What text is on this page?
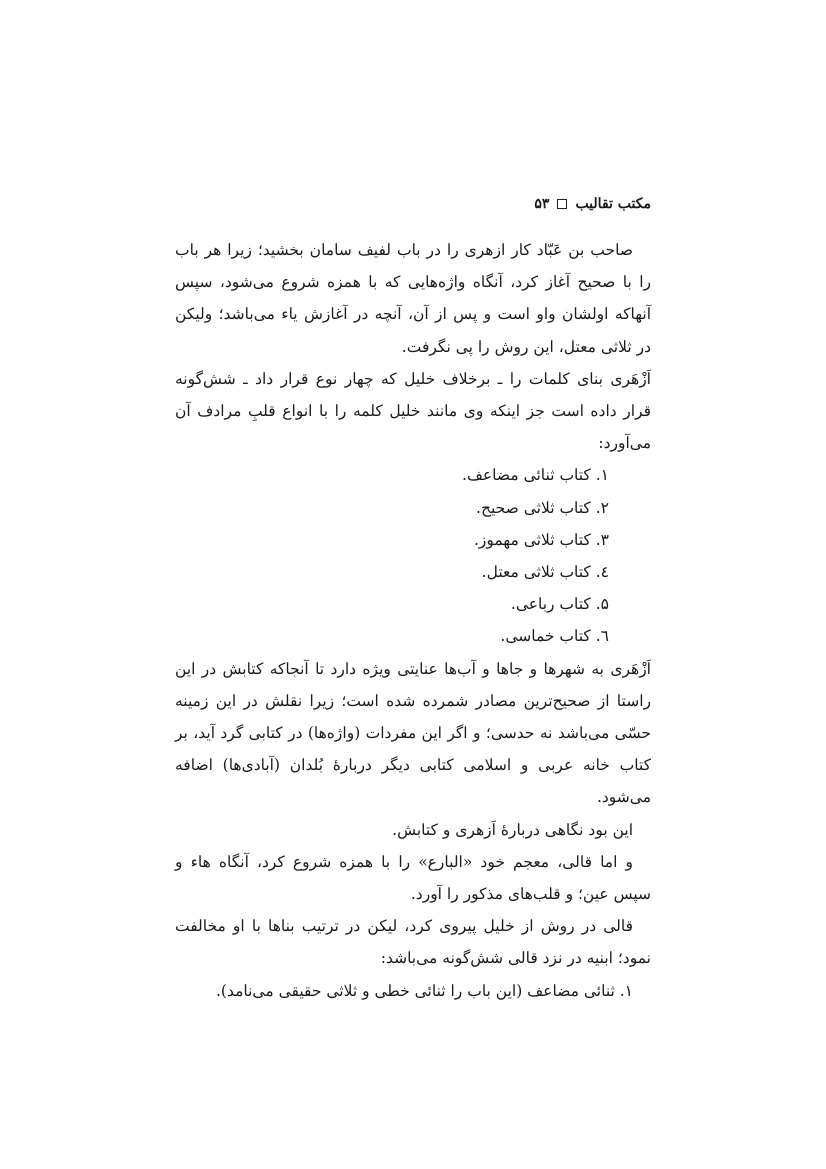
مکتب تقالیب
۵۳

صاحب بن عَبّاد کار ازهری را در باب لفیف سامان بخشید؛ زیرا هر باب را با صحیح آغاز کرد، آنگاه واژه‌هایی که با همزه شروع می‌شود، سپس آنهاکه اولشان واو است و پس از آن، آنچه در آغازش یاء می‌باشد؛ ولیکن در ثلاثی معتل، این روش را پی نگرفت.

اَزْهَری بنای کلمات را ـ برخلاف خلیل که چهار نوع قرار داد ـ شش‌گونه قرار داده است جز اینکه وی مانند خلیل کلمه را با انواع قلبِ مرادف آن می‌آورد:

۱. کتاب ثنائی مضاعف.
۲. کتاب ثلاثی صحیح.
۳. کتاب ثلاثی مهموز.
٤. کتاب ثلاثی معتل.
۵. کتاب رباعی.
٦. کتاب خماسی.

اَزْهَری به شهرها و جاها و آب‌ها عنایتی ویژه دارد تا آنجاکه کتابش در این راستا از صحیح‌ترین مصادر شمرده شده است؛ زیرا نقلش در این زمینه حسّی می‌باشد نه حدسی؛ و اگر این مفردات (واژه‌ها) در کتابی گرد آید، بر کتاب خانه عربی و اسلامی کتابی دیگر دربارهٔ بُلدان (آبادی‌ها) اضافه می‌شود.

این بود نگاهی دربارهٔ اَزهری و کتابش.

و اما قالی، معجم خود «البارع» را با همزه شروع کرد، آنگاه هاء و سپس عین؛ و قلب‌های مذکور را آورد.

قالی در روش از خلیل پیروی کرد، لیکن در ترتیب بناها با او مخالفت نمود؛ ابنیه در نزد قالی شش‌گونه می‌باشد:

۱. ثنائی مضاعف (این باب را ثنائی خطی و ثلاثی حقیقی می‌نامد).
